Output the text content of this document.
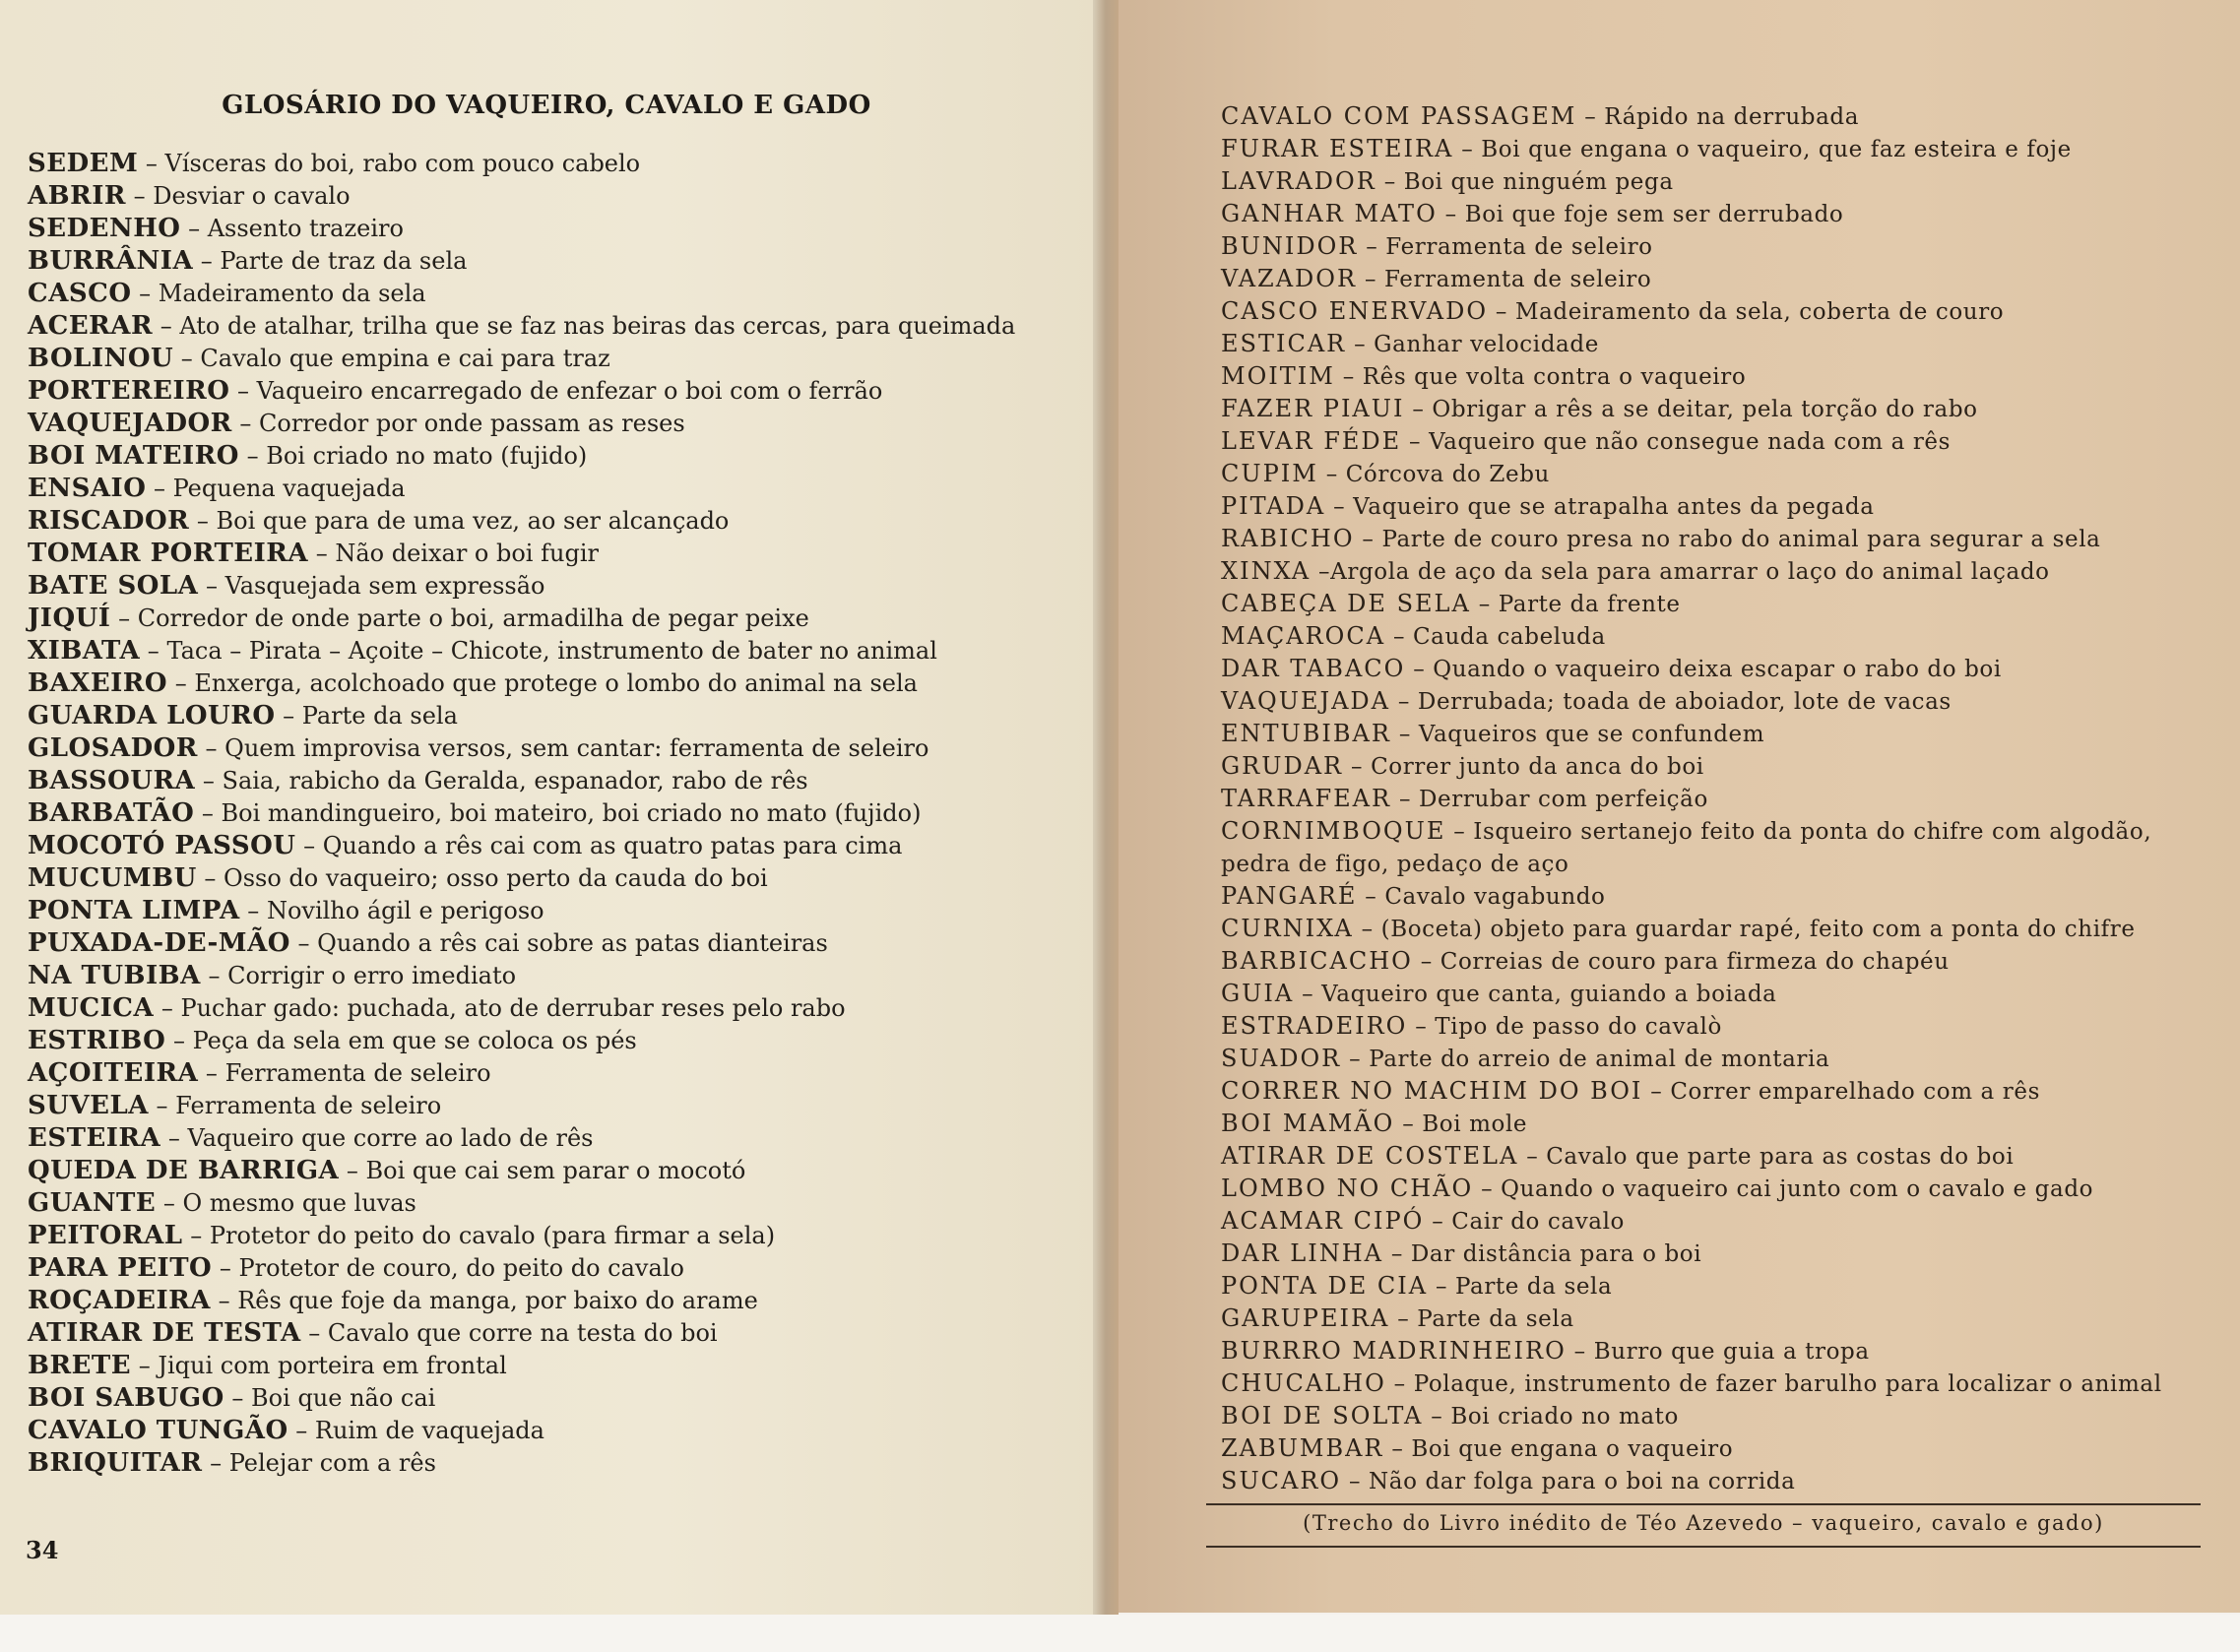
GLOSÁRIO DO VAQUEIRO, CAVALO E GADO
SEDEM – Vísceras do boi, rabo com pouco cabelo
ABRIR – Desviar o cavalo
SEDENHO – Assento trazeiro
BURRÂNIA – Parte de traz da sela
CASCO – Madeiramento da sela
ACERAR – Ato de atalhar, trilha que se faz nas beiras das cercas, para queimada
BOLINOU – Cavalo que empina e cai para traz
PORTEREIRO – Vaqueiro encarregado de enfezar o boi com o ferrão
VAQUEJADOR – Corredor por onde passam as reses
BOI MATEIRO – Boi criado no mato (fujido)
ENSAIO – Pequena vaquejada
RISCADOR – Boi que para de uma vez, ao ser alcançado
TOMAR PORTEIRA – Não deixar o boi fugir
BATE SOLA – Vasquejada sem expressão
JIQUÍ – Corredor de onde parte o boi, armadilha de pegar peixe
XIBATA – Taca – Pirata – Açoite – Chicote, instrumento de bater no animal
BAXEIRO – Enxerga, acolchoado que protege o lombo do animal na sela
GUARDA LOURO – Parte da sela
GLOSADOR – Quem improvisa versos, sem cantar: ferramenta de seleiro
BASSOURA – Saia, rabicho da Geralda, espanador, rabo de rês
BARBATÃO – Boi mandingueiro, boi mateiro, boi criado no mato (fujido)
MOCOTÓ PASSOU – Quando a rês cai com as quatro patas para cima
MUCUMBU – Osso do vaqueiro; osso perto da cauda do boi
PONTA LIMPA – Novilho ágil e perigoso
PUXADA-DE-MÃO – Quando a rês cai sobre as patas dianteiras
NA TUBIBA – Corrigir o erro imediato
MUCICA – Puchar gado: puchada, ato de derrubar reses pelo rabo
ESTRIBO – Peça da sela em que se coloca os pés
AÇOITEIRA – Ferramenta de seleiro
SUVELA – Ferramenta de seleiro
ESTEIRA – Vaqueiro que corre ao lado de rês
QUEDA DE BARRIGA – Boi que cai sem parar o mocotó
GUANTE – O mesmo que luvas
PEITORAL – Protetor do peito do cavalo (para firmar a sela)
PARA PEITO – Protetor de couro, do peito do cavalo
ROÇADEIRA – Rês que foje da manga, por baixo do arame
ATIRAR DE TESTA – Cavalo que corre na testa do boi
BRETE – Jiqui com porteira em frontal
BOI SABUGO – Boi que não cai
CAVALO TUNGÃO – Ruim de vaquejada
BRIQUITAR – Pelejar com a rês
34
CAVALO COM PASSAGEM – Rápido na derrubada
FURAR ESTEIRA – Boi que engana o vaqueiro, que faz esteira e foje
LAVRADOR – Boi que ninguém pega
GANHAR MATO – Boi que foje sem ser derrubado
BUNIDOR – Ferramenta de seleiro
VAZADOR – Ferramenta de seleiro
CASCO ENERVADO – Madeiramento da sela, coberta de couro
ESTICAR – Ganhar velocidade
MOITIM – Rês que volta contra o vaqueiro
FAZER PIAUI – Obrigar a rês a se deitar, pela torção do rabo
LEVAR FÉDE – Vaqueiro que não consegue nada com a rês
CUPIM – Córcova do Zebu
PITADA – Vaqueiro que se atrapalha antes da pegada
RABICHO – Parte de couro presa no rabo do animal para segurar a sela
XINXA –Argola de aço da sela para amarrar o laço do animal laçado
CABEÇA DE SELA – Parte da frente
MAÇAROCA – Cauda cabeluda
DAR TABACO – Quando o vaqueiro deixa escapar o rabo do boi
VAQUEJADA – Derrubada; toada de aboiador, lote de vacas
ENTUBIBAR – Vaqueiros que se confundem
GRUDAR – Correr junto da anca do boi
TARRAFEAR – Derrubar com perfeição
CORNIMBOQUE – Isqueiro sertanejo feito da ponta do chifre com algodão,
pedra de figo, pedaço de aço
PANGARÉ – Cavalo vagabundo
CURNIXA – (Boceta) objeto para guardar rapé, feito com a ponta do chifre
BARBICACHO – Correias de couro para firmeza do chapéu
GUIA – Vaqueiro que canta, guiando a boiada
ESTRADEIRO – Tipo de passo do cavalò
SUADOR – Parte do arreio de animal de montaria
CORRER NO MACHIM DO BOI – Correr emparelhado com a rês
BOI MAMÃO – Boi mole
ATIRAR DE COSTELA – Cavalo que parte para as costas do boi
LOMBO NO CHÃO – Quando o vaqueiro cai junto com o cavalo e gado
ACAMAR CIPÓ – Cair do cavalo
DAR LINHA – Dar distância para o boi
PONTA DE CIA – Parte da sela
GARUPEIRA – Parte da sela
BURRRO MADRINHEIRO – Burro que guia a tropa
CHUCALHO – Polaque, instrumento de fazer barulho para localizar o animal
BOI DE SOLTA – Boi criado no mato
ZABUMBAR – Boi que engana o vaqueiro
SUCARO – Não dar folga para o boi na corrida
(Trecho do Livro inédito de Téo Azevedo – vaqueiro, cavalo e gado)
